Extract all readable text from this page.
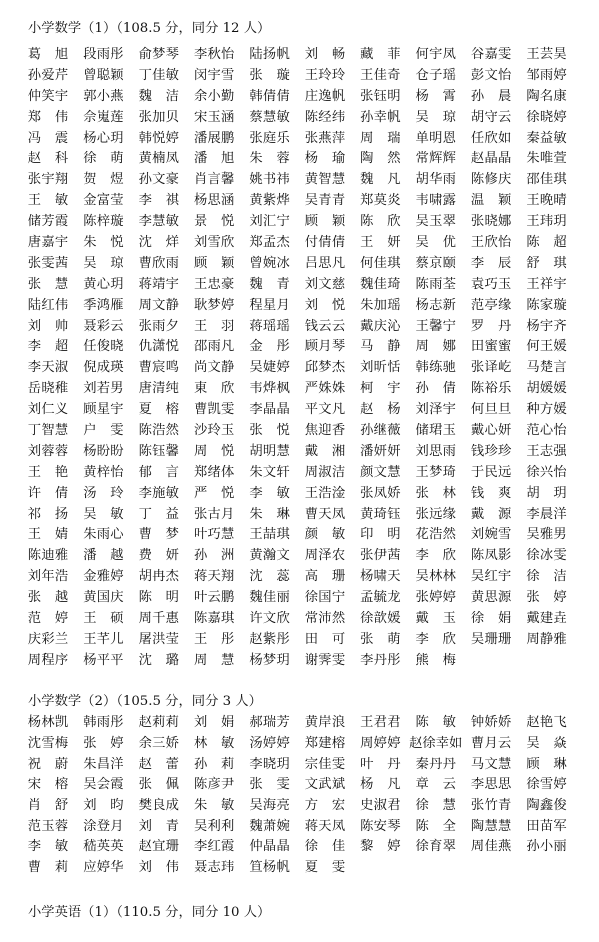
小学数学（1）（108.5 分，同分 12 人）
葛 旭 段雨彤 俞梦琴 李秋怡 陆扬帆 刘 畅 藏 菲 何宇凤 谷嘉雯 王芸昊
孙爱芹 曾聪颖 丁佳敏 闵宇雪 张 璇 王玲玲 王佳奇 仓子瑶 彭文怡 邹雨婷
仲笑宇 郭小燕 魏 洁 余小勤 韩倩倩 庄逸帆 张钰明 杨 霄 孙 晨 陶名康
郑 伟 佘嵬莲 张加贝 宋玉涵 蔡慧敏 陈经纬 孙幸帆 吴 琼 胡守云 徐晓婷
冯 震 杨心玥 韩悦婷 潘展鹏 张庭乐 张燕萍 周 瑞 单明恩 任欣如 秦益敏
赵 科 徐 萌 黄楠凤 潘 旭 朱 蓉 杨 瑜 陶 然 常辉辉 赵晶晶 朱唯萱
张宇翔 贺 煜 孙文豪 肖言馨 姚书祎 黄智慧 魏 凡 胡华雨 陈修庆 邵佳琪
王 敏 金富莹 李 祺 杨思涵 黄紫烨 吴青青 郑莫炎 韦啸露 温 颖 王晚晴
储芳霞 陈梓璇 李慧敏 景 悦 刘汇宁 顾 颖 陈 欣 吴玉翠 张晓娜 王玮玥
唐嘉宇 朱 悦 沈 烊 刘雪欣 郑孟杰 付倩倩 王 妍 吴 优 王欣怡 陈 超
张雯茜 吴 琼 曹欣雨 顾 颖 曾婉冰 吕思凡 何佳琪 蔡京颐 李 辰 舒 琪
张 慧 黄心玥 蒋靖宇 王忠豪 魏 青 刘文慈 魏佳琦 陈雨荃 袁巧玉 王祥宇
陆红伟 季鸿雁 周文静 耿梦婷 程星月 刘 悦 朱加瑶 杨志新 范亭缘 陈家璇
刘 帅 聂彩云 张雨夕 王 羽 蒋瑶瑶 钱云云 戴庆沁 王馨宁 罗 丹 杨宇齐
李 超 任俊晓 仇潇悦 邵雨凡 金 彤 顾月琴 马 静 周 娜 田蜜蜜 何王媛
李天淑 倪成瑛 曹宸鸣 尚文静 吴婕婷 邱梦杰 刘昕恬 韩练驰 张译屹 马楚言
岳晓稚 刘若男 唐清纯 東 欣 韦烨枫 严姝姝 柯 宇 孙 倩 陈裕乐 胡媛媛
刘仁义 顾星宇 夏 榕 曹凯雯 李晶晶 平文凡 赵 杨 刘泽宇 何旦旦 种方媛
丁智慧 户 雯 陈浩然 沙玲玉 张 悦 焦迎香 孙继薇 储珺玉 戴心妍 范心怡
刘蓉蓉 杨盼盼 陈钰馨 周 悦 胡明慧 戴 湘 潘妍妍 刘思雨 钱珍珍 王志强
王 艳 黄梓怡 郁 言 郑绪体 朱文轩 周淑洁 颜文慧 王梦琦 于民远 徐兴怡
许 倩 汤 玲 李施敏 严 悦 李 敏 王浩淦 张凤娇 张 林 钱 爽 胡 玥
祁 扬 吴 敏 丁 益 张古月 朱 琳 曹天凤 黄琦钰 张远缘 戴 源 李晨洋
王 婧 朱雨心 曹 梦 叶巧慧 王喆琪 颜 敏 印 明 花浩然 刘婉雪 吴雅男
陈迪雅 潘 越 费 妍 孙 洲 黄瀚文 周泽农 张伊茜 李 欣 陈凤影 徐冰雯
刘年浩 金雅婷 胡冉杰 蒋天翔 沈 蕊 高 珊 杨啸天 吴林林 吴红宇 徐 洁
张 越 黄国庆 陈 明 叶云鹏 魏佳丽 徐国宁 孟毓龙 张婷婷 黄思源 张 婷
范 婷 王 硕 周千惠 陈嘉琪 许文欣 常沛然 徐歆媛 戴 玉 徐 娟 戴建垚
庆彩兰 王芊儿 屠洪莹 王 彤 赵紫彤 田 可 张 萌 李 欣 吴珊珊 周静雅
周程序 杨平平 沈 璐 周 慧 杨梦玥 谢霁雯 李丹彤 熊 梅
小学数学（2）（105.5 分，同分 3 人）
杨林凯 韩雨彤 赵莉莉 刘 娟 郝瑞芳 黄岸浪 王君君 陈 敏 钟娇娇 赵艳飞
沈雪梅 张 婷 余三娇 林 敏 汤婷婷 郑建榕 周婷婷 赵徐幸如 曹月云 吴 焱
祝 蔚 朱昌洋 赵 蕾 孙 莉 李晓玥 宗佳雯 叶 丹 秦丹丹 马文慧 顾 琳
宋 榕 吴会霞 张 佩 陈彦尹 张 雯 文武斌 杨 凡 章 云 李思思 徐雪婷
肖 舒 刘 昀 樊良成 朱 敏 吴海亮 方 宏 史淑君 徐 慧 张竹青 陶鑫俊
范玉蓉 涂登月 刘 青 吴利利 魏萧婉 蒋天凤 陈安琴 陈 全 陶慧慧 田苗军
李 敏 嵇英英 赵宜珊 李红霞 仲晶晶 徐 佳 黎 婷 徐育翠 周佳燕 孙小丽
曹 莉 应婷华 刘 伟 聂志玮 笪杨帆 夏 雯
小学英语（1）（110.5 分，同分 10 人）
